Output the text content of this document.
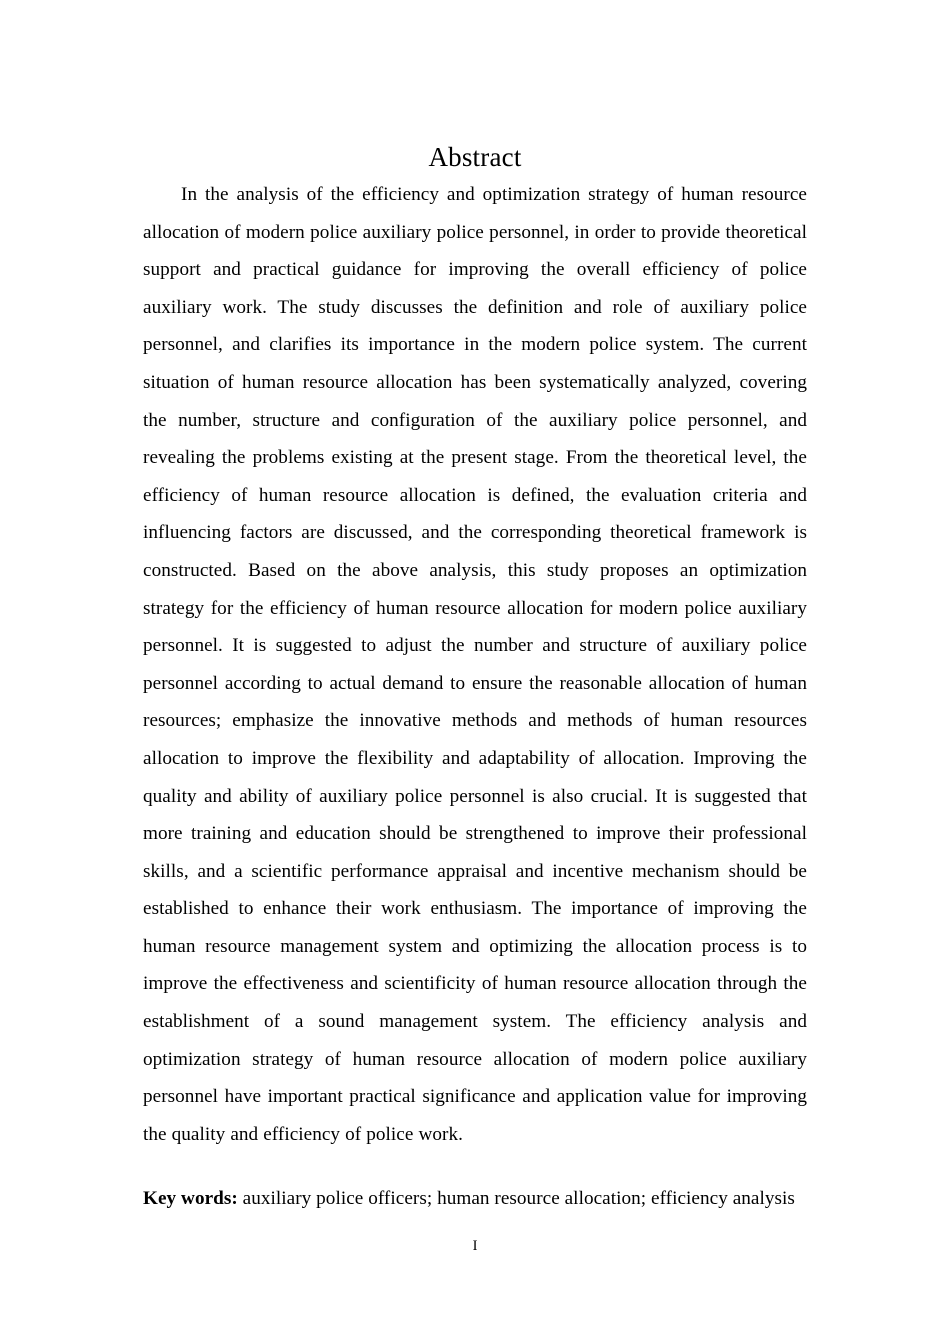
Abstract

In the analysis of the efficiency and optimization strategy of human resource allocation of modern police auxiliary police personnel, in order to provide theoretical support and practical guidance for improving the overall efficiency of police auxiliary work. The study discusses the definition and role of auxiliary police personnel, and clarifies its importance in the modern police system. The current situation of human resource allocation has been systematically analyzed, covering the number, structure and configuration of the auxiliary police personnel, and revealing the problems existing at the present stage. From the theoretical level, the efficiency of human resource allocation is defined, the evaluation criteria and influencing factors are discussed, and the corresponding theoretical framework is constructed. Based on the above analysis, this study proposes an optimization strategy for the efficiency of human resource allocation for modern police auxiliary personnel. It is suggested to adjust the number and structure of auxiliary police personnel according to actual demand to ensure the reasonable allocation of human resources; emphasize the innovative methods and methods of human resources allocation to improve the flexibility and adaptability of allocation. Improving the quality and ability of auxiliary police personnel is also crucial. It is suggested that more training and education should be strengthened to improve their professional skills, and a scientific performance appraisal and incentive mechanism should be established to enhance their work enthusiasm. The importance of improving the human resource management system and optimizing the allocation process is to improve the effectiveness and scientificity of human resource allocation through the establishment of a sound management system. The efficiency analysis and optimization strategy of human resource allocation of modern police auxiliary personnel have important practical significance and application value for improving the quality and efficiency of police work.

Key words: auxiliary police officers; human resource allocation; efficiency analysis
I
